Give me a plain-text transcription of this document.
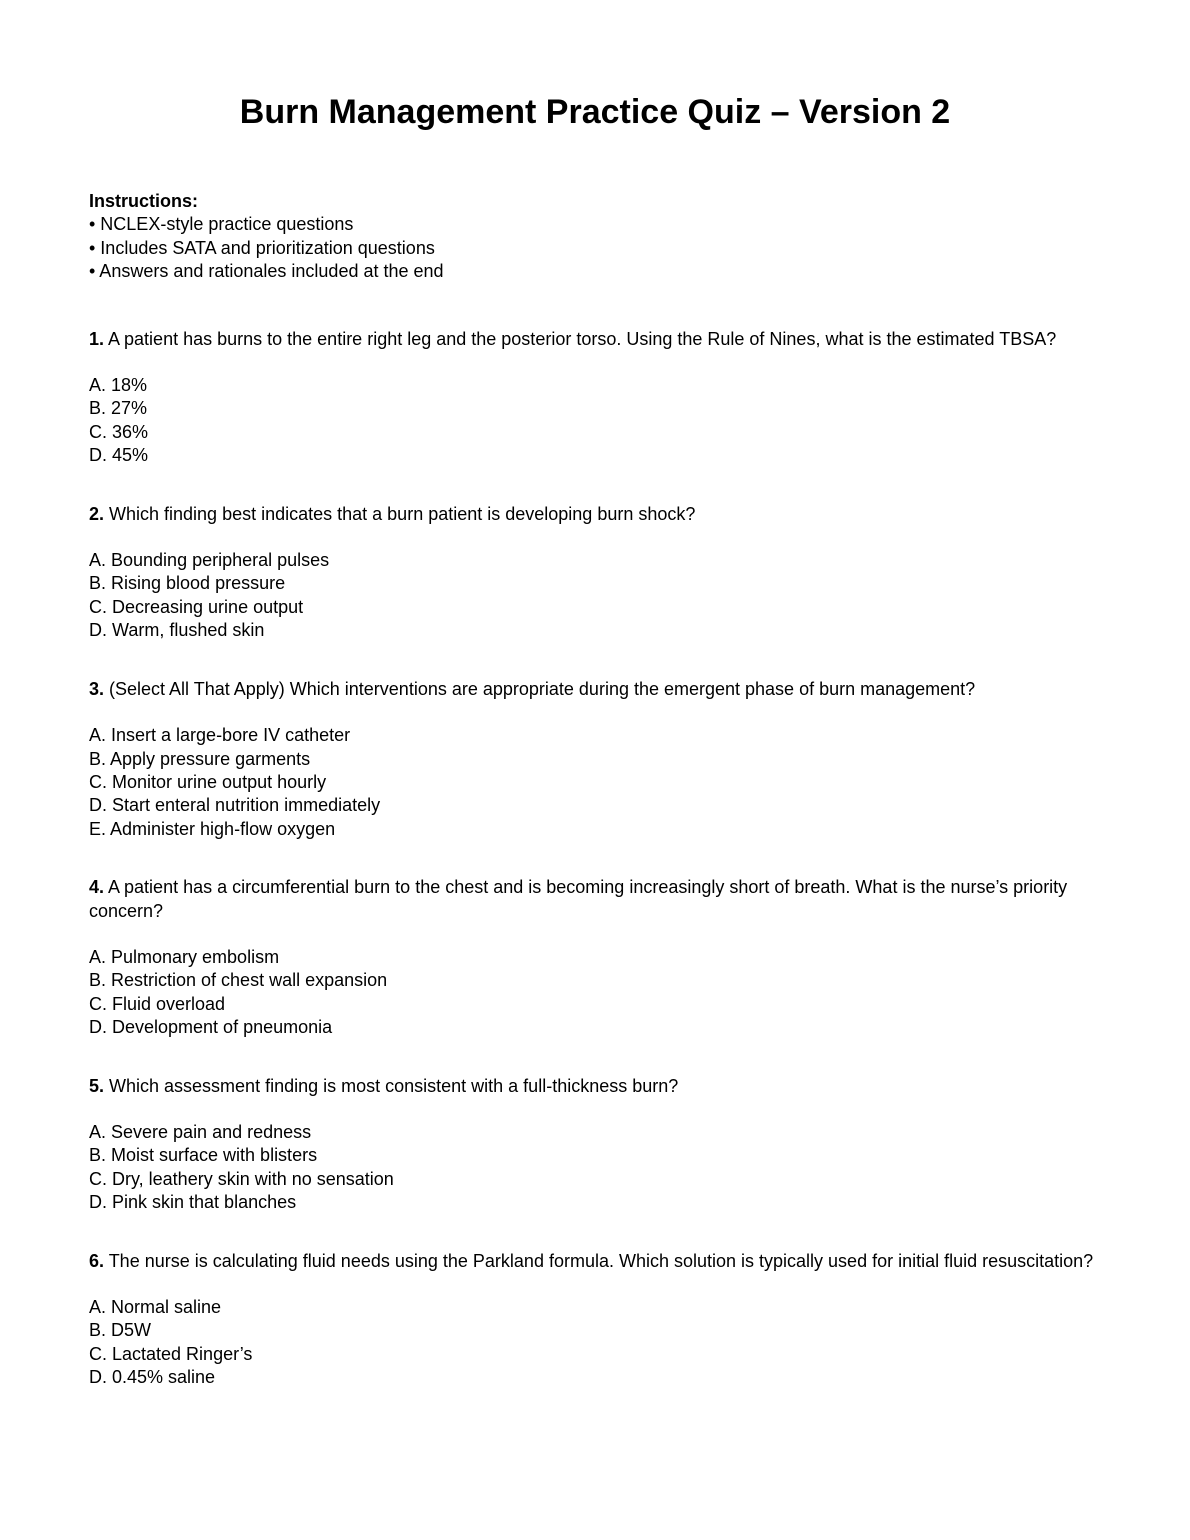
Burn Management Practice Quiz – Version 2

Instructions:

• NCLEX-style practice questions
• Includes SATA and prioritization questions
• Answers and rationales included at the end

1. A patient has burns to the entire right leg and the posterior torso. Using the Rule of Nines, what is the estimated TBSA?

A. 18%
B. 27%
C. 36%
D. 45%

2. Which finding best indicates that a burn patient is developing burn shock?

A. Bounding peripheral pulses
B. Rising blood pressure
C. Decreasing urine output
D. Warm, flushed skin

3. (Select All That Apply) Which interventions are appropriate during the emergent phase of burn management?

A. Insert a large-bore IV catheter
B. Apply pressure garments
C. Monitor urine output hourly
D. Start enteral nutrition immediately
E. Administer high-flow oxygen

4. A patient has a circumferential burn to the chest and is becoming increasingly short of breath. What is the nurse’s priority concern?

A. Pulmonary embolism
B. Restriction of chest wall expansion
C. Fluid overload
D. Development of pneumonia

5. Which assessment finding is most consistent with a full-thickness burn?

A. Severe pain and redness
B. Moist surface with blisters
C. Dry, leathery skin with no sensation
D. Pink skin that blanches

6. The nurse is calculating fluid needs using the Parkland formula. Which solution is typically used for initial fluid resuscitation?

A. Normal saline
B. D5W
C. Lactated Ringer’s
D. 0.45% saline
